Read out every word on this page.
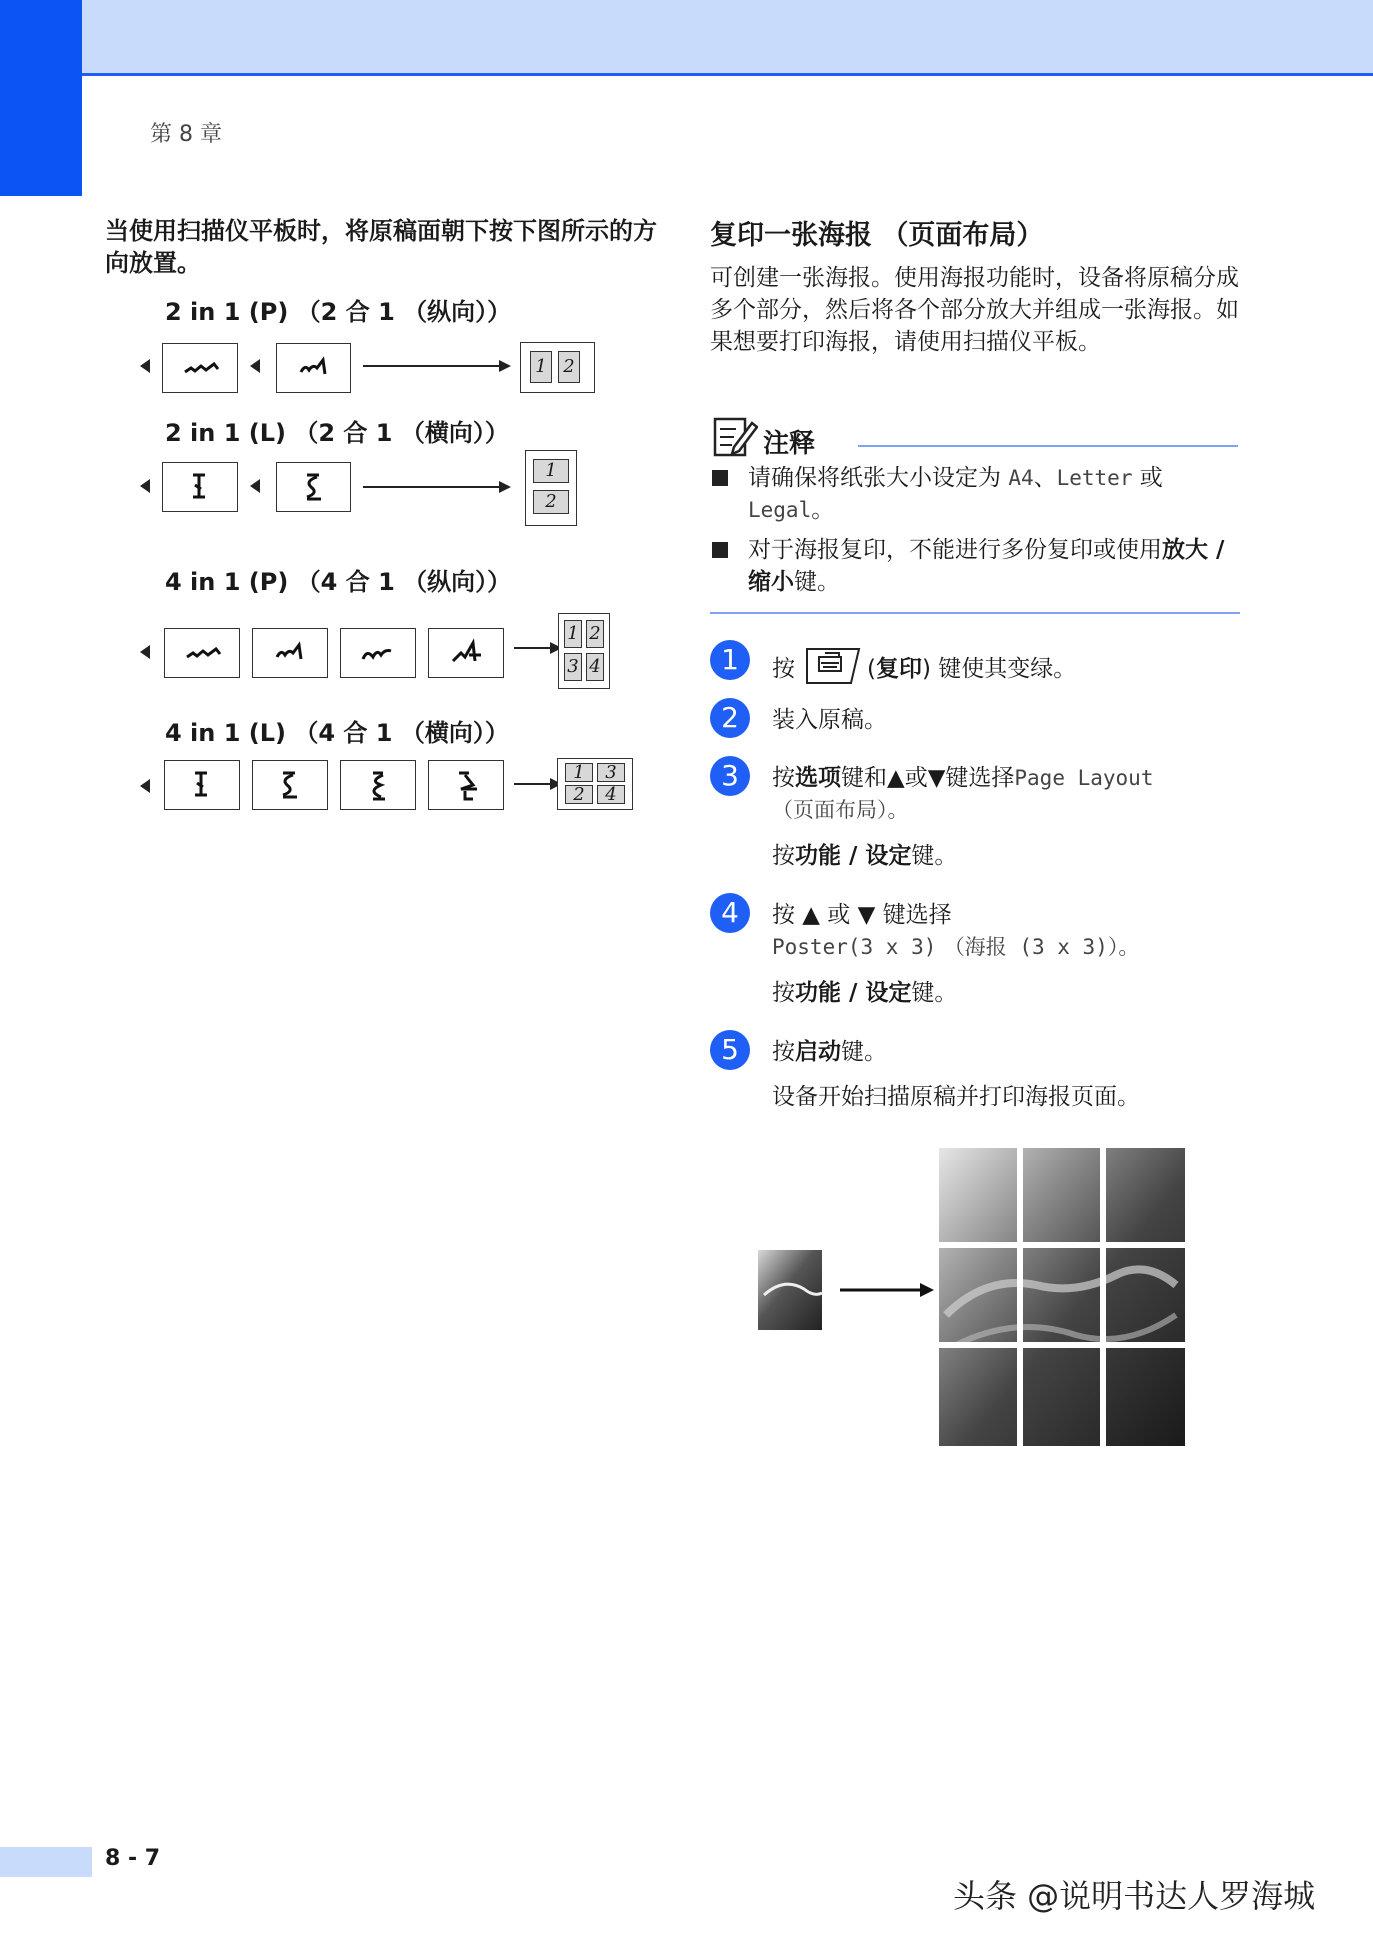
第 8 章
当使用扫描仪平板时，将原稿面朝下按下图所示的方向放置。
2 in 1 (P) （2 合 1 （纵向））
1 2
2 in 1 (L) （2 合 1 （横向））
1
2
4 in 1 (P) （4 合 1 （纵向））
1 2
3 4
4 in 1 (L) （4 合 1 （横向））
1	3
2	4
复印一张海报 （页面布局）
可创建一张海报。使用海报功能时，设备将原稿分成多个部分，然后将各个部分放大并组成一张海报。如果想要打印海报，请使用扫描仪平板。
注释
请确保将纸张大小设定为 A4、Letter 或 Legal。
对于海报复印，不能进行多份复印或使用放大 / 缩小键。
1	按	(复印) 键使其变绿。
2	装入原稿。
3	按选项键和▲或▼键选择Page Layout
（页面布局）。
按功能 / 设定键。
4	按 ▲ 或 ▼ 键选择
Poster(3 x 3) （海报 (3 x 3)）。
按功能 / 设定键。
5	按启动键。
设备开始扫描原稿并打印海报页面。
8 - 7
头条 @说明书达人罗海城
